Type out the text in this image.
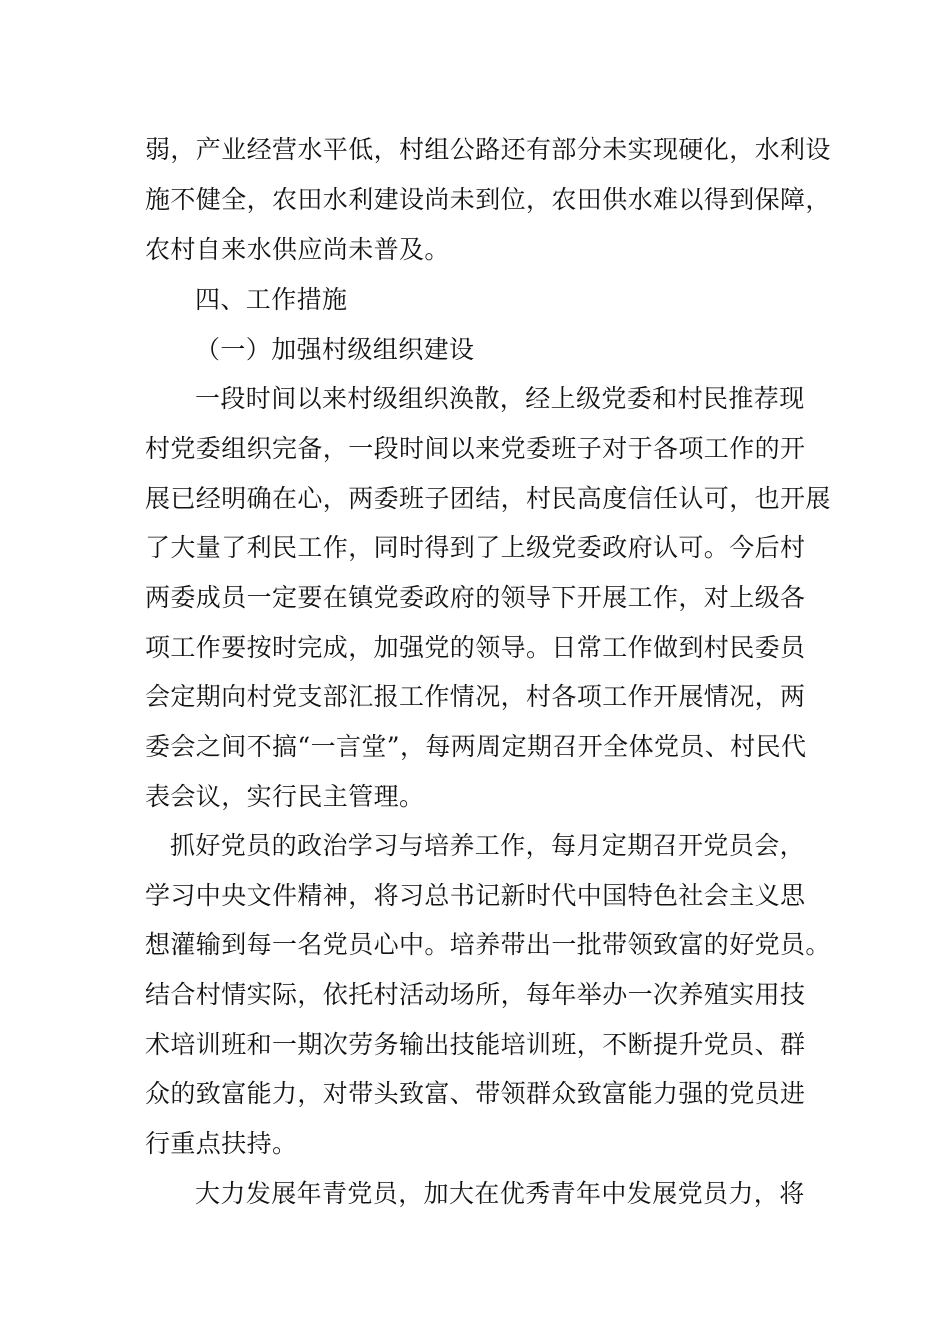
弱，产业经营水平低，村组公路还有部分未实现硬化，水利设
施不健全，农田水利建设尚未到位，农田供水难以得到保障，
农村自来水供应尚未普及。
四、工作措施
（一）加强村级组织建设
一段时间以来村级组织涣散，经上级党委和村民推荐现
村党委组织完备，一段时间以来党委班子对于各项工作的开
展已经明确在心，两委班子团结，村民高度信任认可，也开展
了大量了利民工作，同时得到了上级党委政府认可。今后村
两委成员一定要在镇党委政府的领导下开展工作，对上级各
项工作要按时完成，加强党的领导。日常工作做到村民委员
会定期向村党支部汇报工作情况，村各项工作开展情况，两
委会之间不搞“一言堂”，每两周定期召开全体党员、村民代
表会议，实行民主管理。
抓好党员的政治学习与培养工作，每月定期召开党员会，
学习中央文件精神，将习总书记新时代中国特色社会主义思
想灌输到每一名党员心中。培养带出一批带领致富的好党员。
结合村情实际，依托村活动场所，每年举办一次养殖实用技
术培训班和一期次劳务输出技能培训班，不断提升党员、群
众的致富能力，对带头致富、带领群众致富能力强的党员进
行重点扶持。
大力发展年青党员，加大在优秀青年中发展党员力，将
